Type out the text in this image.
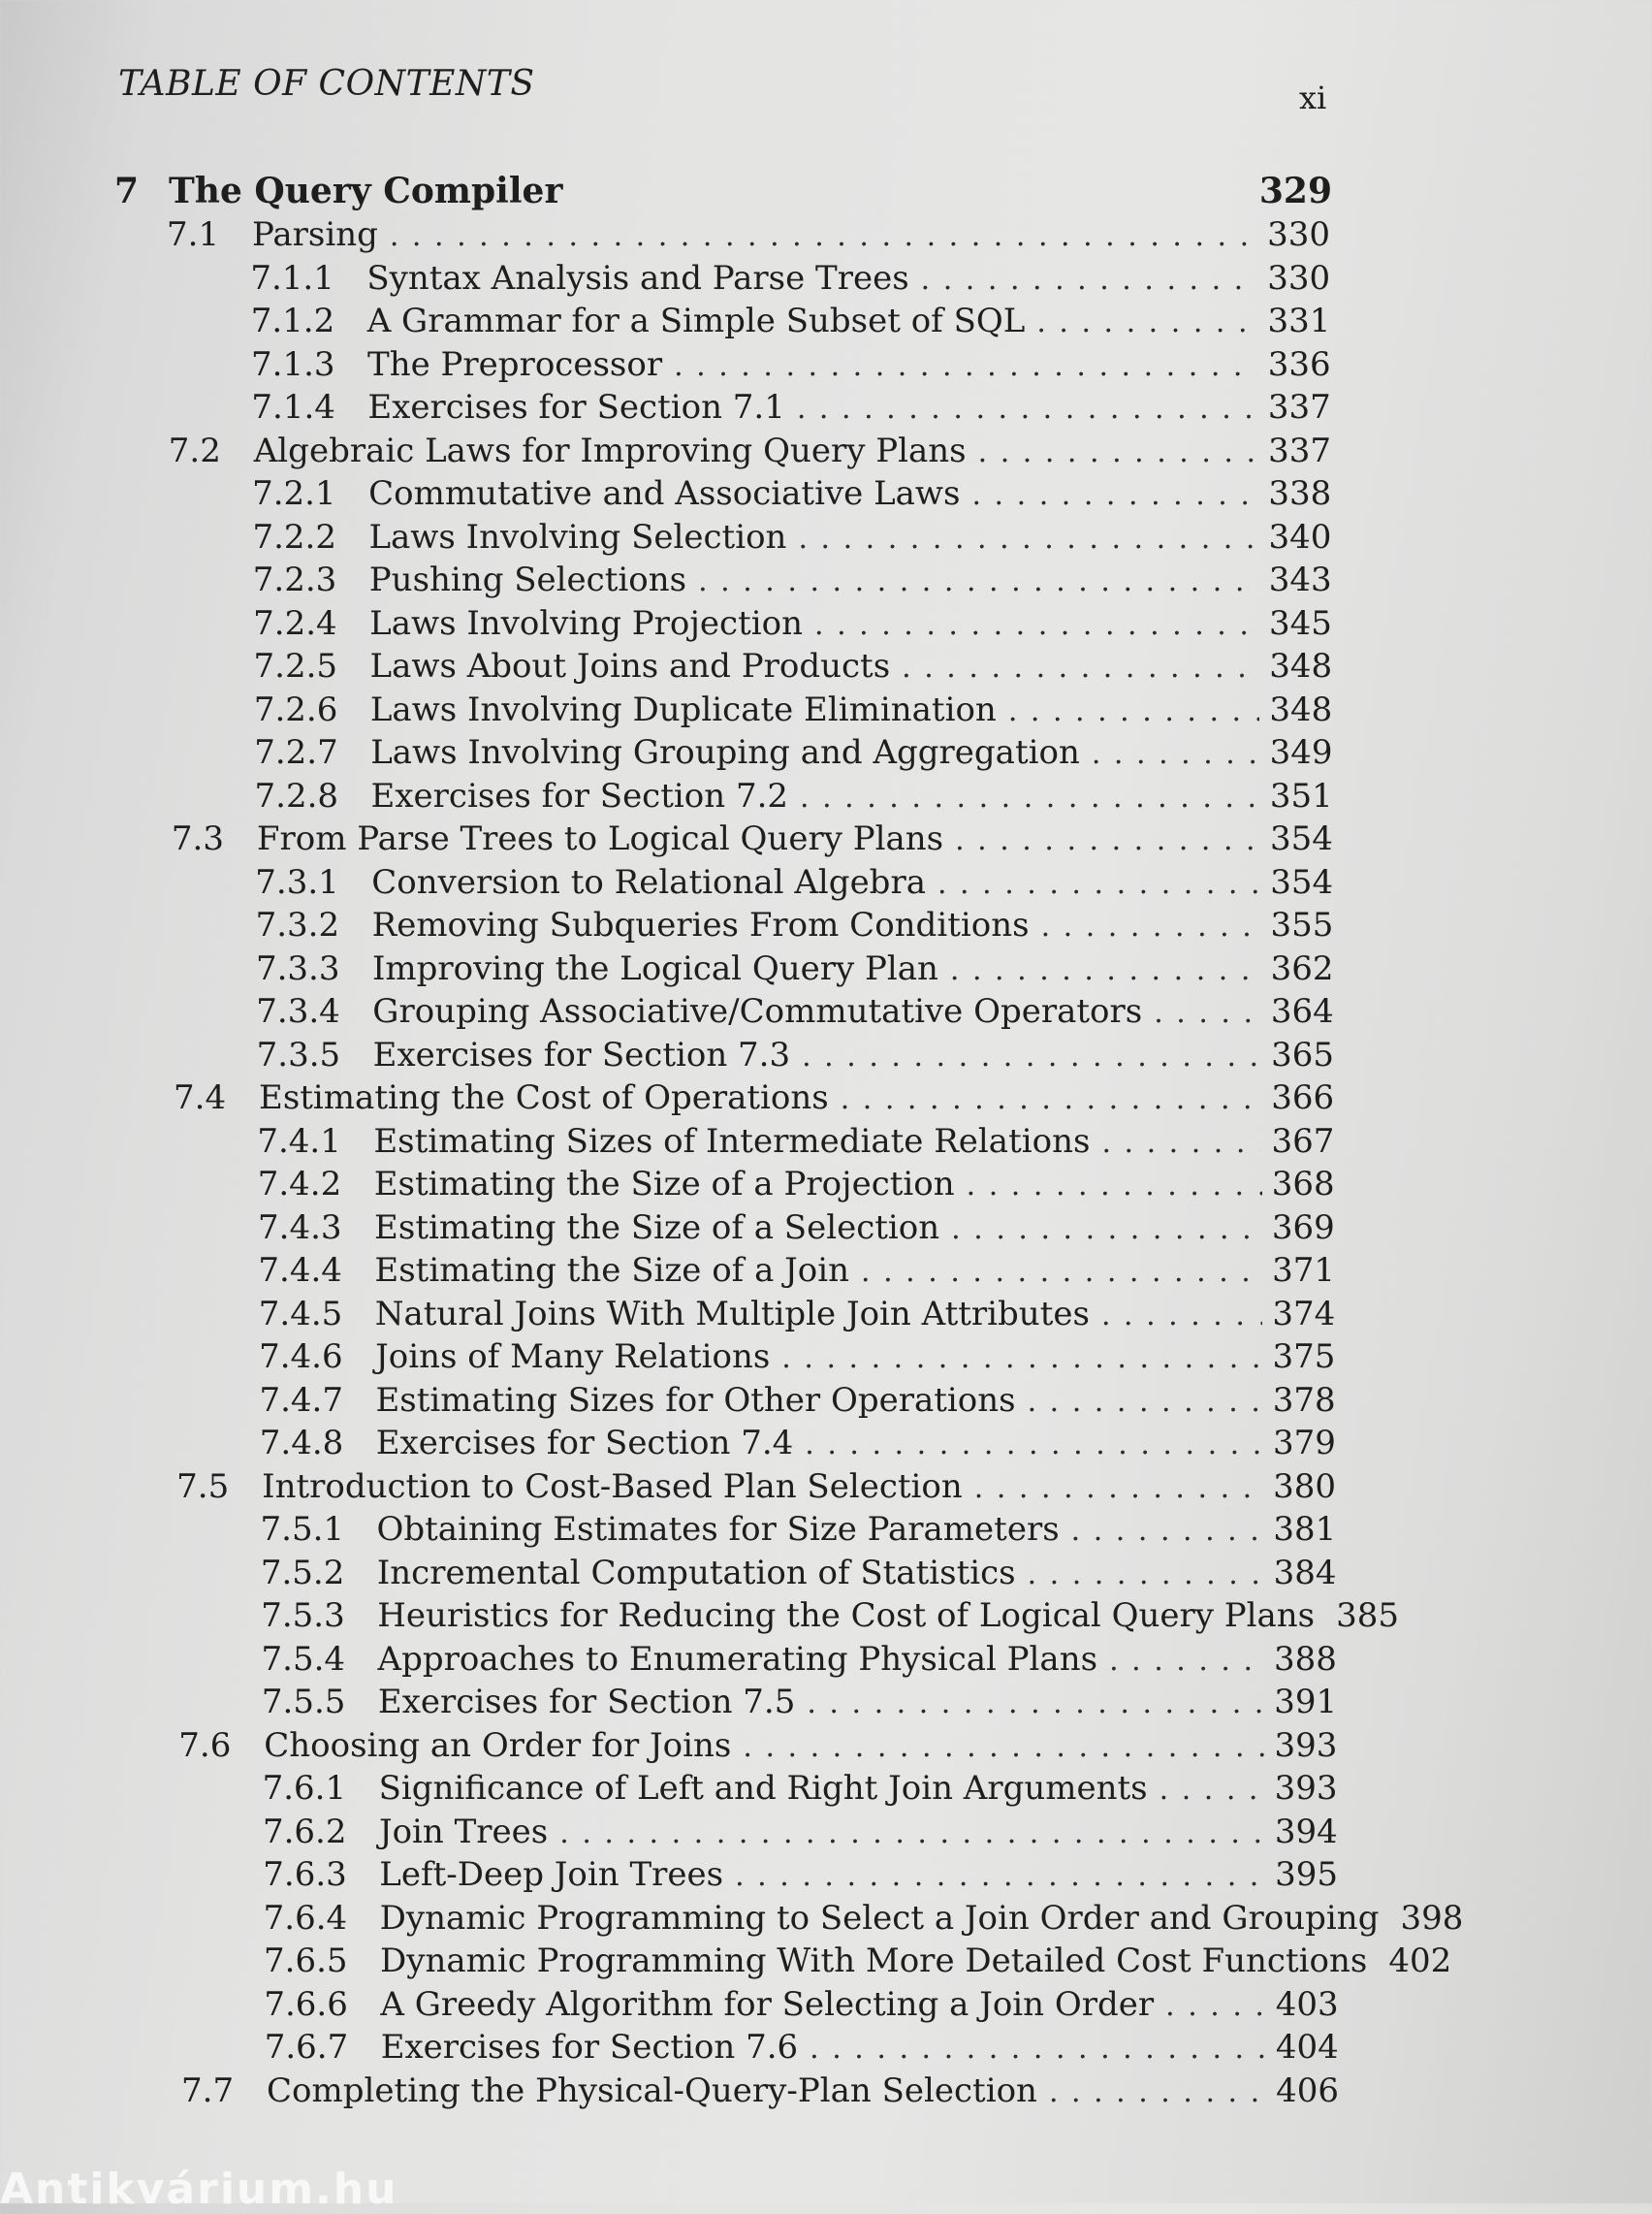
TABLE OF CONTENTS	xi
7 The Query Compiler	329
7.1 Parsing . . .	330
7.1.1 Syntax Analysis and Parse Trees . . .	330
7.1.2 A Grammar for a Simple Subset of SQL . . .	331
7.1.3 The Preprocessor . . .	336
7.1.4 Exercises for Section 7.1 . . .	337
7.2 Algebraic Laws for Improving Query Plans . . .	337
7.2.1 Commutative and Associative Laws . . .	338
7.2.2 Laws Involving Selection . . .	340
7.2.3 Pushing Selections . . .	343
7.2.4 Laws Involving Projection . . .	345
7.2.5 Laws About Joins and Products . . .	348
7.2.6 Laws Involving Duplicate Elimination . . .	348
7.2.7 Laws Involving Grouping and Aggregation . . .	349
7.2.8 Exercises for Section 7.2 . . .	351
7.3 From Parse Trees to Logical Query Plans . . .	354
7.3.1 Conversion to Relational Algebra . . .	354
7.3.2 Removing Subqueries From Conditions . . .	355
7.3.3 Improving the Logical Query Plan . . .	362
7.3.4 Grouping Associative/Commutative Operators . . .	364
7.3.5 Exercises for Section 7.3 . . .	365
7.4 Estimating the Cost of Operations . . .	366
7.4.1 Estimating Sizes of Intermediate Relations . . .	367
7.4.2 Estimating the Size of a Projection . . .	368
7.4.3 Estimating the Size of a Selection . . .	369
7.4.4 Estimating the Size of a Join . . .	371
7.4.5 Natural Joins With Multiple Join Attributes . . .	374
7.4.6 Joins of Many Relations . . .	375
7.4.7 Estimating Sizes for Other Operations . . .	378
7.4.8 Exercises for Section 7.4 . . .	379
7.5 Introduction to Cost-Based Plan Selection . . .	380
7.5.1 Obtaining Estimates for Size Parameters . . .	381
7.5.2 Incremental Computation of Statistics . . .	384
7.5.3 Heuristics for Reducing the Cost of Logical Query Plans 385
7.5.4 Approaches to Enumerating Physical Plans . . .	388
7.5.5 Exercises for Section 7.5 . . .	391
7.6 Choosing an Order for Joins . . .	393
7.6.1 Significance of Left and Right Join Arguments . . .	393
7.6.2 Join Trees . . .	394
7.6.3 Left-Deep Join Trees . . .	395
7.6.4 Dynamic Programming to Select a Join Order and Grouping 398
7.6.5 Dynamic Programming With More Detailed Cost Functions 402
7.6.6 A Greedy Algorithm for Selecting a Join Order . . .	403
7.6.7 Exercises for Section 7.6 . . .	404
7.7 Completing the Physical-Query-Plan Selection . . .	406
Antikvárium.hu
